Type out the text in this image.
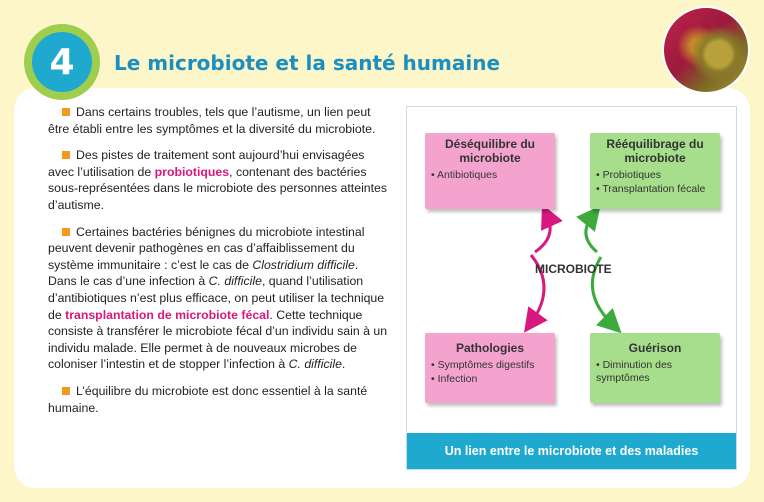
4	Le microbiote et la santé humaine

Dans certains troubles, tels que l’autisme, un lien peut être établi entre les symptômes et la diversité du microbiote.

Des pistes de traitement sont aujourd’hui envisagées avec l’utilisation de probiotiques, contenant des bactéries sous-représentées dans le microbiote des personnes atteintes d’autisme.

Certaines bactéries bénignes du microbiote intestinal peuvent devenir pathogènes en cas d’affaiblissement du système immunitaire : c’est le cas de Clostridium difficile. Dans le cas d’une infection à C. difficile, quand l’utilisation d’antibiotiques n’est plus efficace, on peut utiliser la technique de transplantation de microbiote fécal. Cette technique consiste à transférer le microbiote fécal d’un individu sain à un individu malade. Elle permet à de nouveaux microbes de coloniser l’intestin et de stopper l’infection à C. difficile.

L’équilibre du microbiote est donc essentiel à la santé humaine.

Déséquilibre du microbiote
• Antibiotiques
Rééquilibrage du microbiote
• Probiotiques
• Transplantation fécale
MICROBIOTE
Pathologies
• Symptômes digestifs
• Infection
Guérison
• Diminution des symptômes
Un lien entre le microbiote et des maladies
